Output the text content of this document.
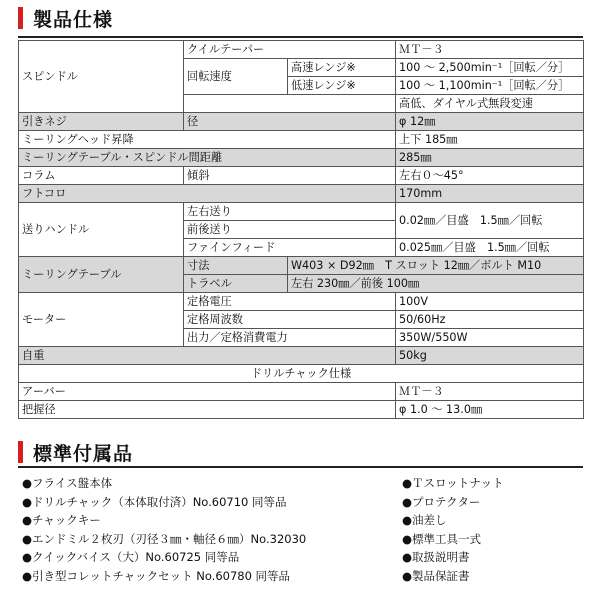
製品仕様
スピンドル	クイルテーパー		ＭＴ－３
	回転速度	高速レンジ※	100 ～ 2,500min⁻¹［回転／分］
		低速レンジ※	100 ～ 1,100min⁻¹［回転／分］
			高低、ダイヤル式無段変速
引きネジ	径		φ 12㎜
ミーリングヘッド昇降			上下 185㎜
ミーリングテーブル・スピンドル間距離			285㎜
コラム	傾斜		左右０～45°
フトコロ			170mm
送りハンドル	左右送り		0.02㎜／目盛　1.5㎜／回転
	前後送り		
	ファインフィード		0.025㎜／目盛　1.5㎜／回転
ミーリングテーブル	寸法	W403 × D92㎜　T スロット 12㎜／ボルト M10	
	トラベル	左右 230㎜／前後 100㎜	
モーター	定格電圧		100V
	定格周波数		50/60Hz
	出力／定格消費電力		350W/550W
自重			50kg
ドリルチャック仕様			
アーバー			ＭＴ－３
把握径			φ 1.0 ～ 13.0㎜
標準付属品
●フライス盤本体
●ドリルチャック（本体取付済）No.60710 同等品
●チャックキー
●エンドミル２枚刃（刃径３㎜・軸径６㎜）No.32030
●クイックバイス（大）No.60725 同等品
●引き型コレットチャックセット No.60780 同等品
●Ｔスロットナット
●プロテクター
●油差し
●標準工具一式
●取扱説明書
●製品保証書
